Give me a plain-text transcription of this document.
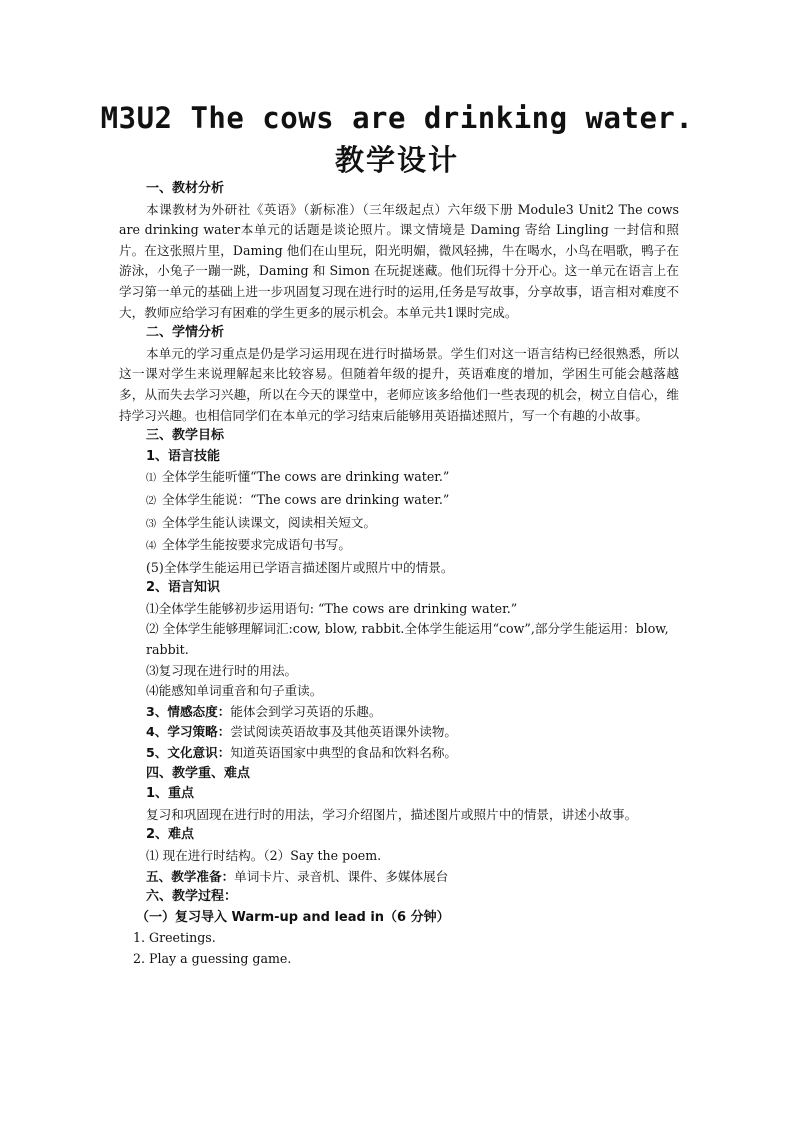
M3U2 The cows are drinking water.
教学设计

一、教材分析

本课教材为外研社《英语》（新标准）（三年级起点）六年级下册 Module3 Unit2 The cows are drinking water本单元的话题是谈论照片。课文情境是 Daming 寄给 Lingling 一封信和照片。在这张照片里，Daming 他们在山里玩，阳光明媚，微风轻拂，牛在喝水，小鸟在唱歌，鸭子在游泳，小兔子一蹦一跳，Daming 和 Simon 在玩捉迷藏。他们玩得十分开心。这一单元在语言上在学习第一单元的基础上进一步巩固复习现在进行时的运用,任务是写故事，分享故事，语言相对难度不大，教师应给学习有困难的学生更多的展示机会。本单元共1课时完成。

二、学情分析

本单元的学习重点是仍是学习运用现在进行时描场景。学生们对这一语言结构已经很熟悉，所以这一课对学生来说理解起来比较容易。但随着年级的提升，英语难度的增加，学困生可能会越落越多，从而失去学习兴趣，所以在今天的课堂中，老师应该多给他们一些表现的机会，树立自信心，维持学习兴趣。也相信同学们在本单元的学习结束后能够用英语描述照片，写一个有趣的小故事。

三、教学目标

1、语言技能

⑴ 全体学生能听懂“The cows are drinking water.”

⑵ 全体学生能说：“The cows are drinking water.”

⑶ 全体学生能认读课文，阅读相关短文。

⑷ 全体学生能按要求完成语句书写。

(5)全体学生能运用已学语言描述图片或照片中的情景。

2、语言知识

⑴全体学生能够初步运用语句: “The cows are drinking water.”

⑵ 全体学生能够理解词汇:cow, blow, rabbit.全体学生能运用“cow”,部分学生能运用：blow, rabbit.

⑶复习现在进行时的用法。

⑷能感知单词重音和句子重读。

3、情感态度：能体会到学习英语的乐趣。

4、学习策略：尝试阅读英语故事及其他英语课外读物。

5、文化意识：知道英语国家中典型的食品和饮料名称。

四、教学重、难点

1、重点

复习和巩固现在进行时的用法，学习介绍图片，描述图片或照片中的情景，讲述小故事。

2、难点

⑴ 现在进行时结构。（2）Say the poem.

五、教学准备：单词卡片、录音机、课件、多媒体展台

六、教学过程：

（一）复习导入 Warm-up and lead in（6 分钟）

1. Greetings.

2. Play a guessing game.
